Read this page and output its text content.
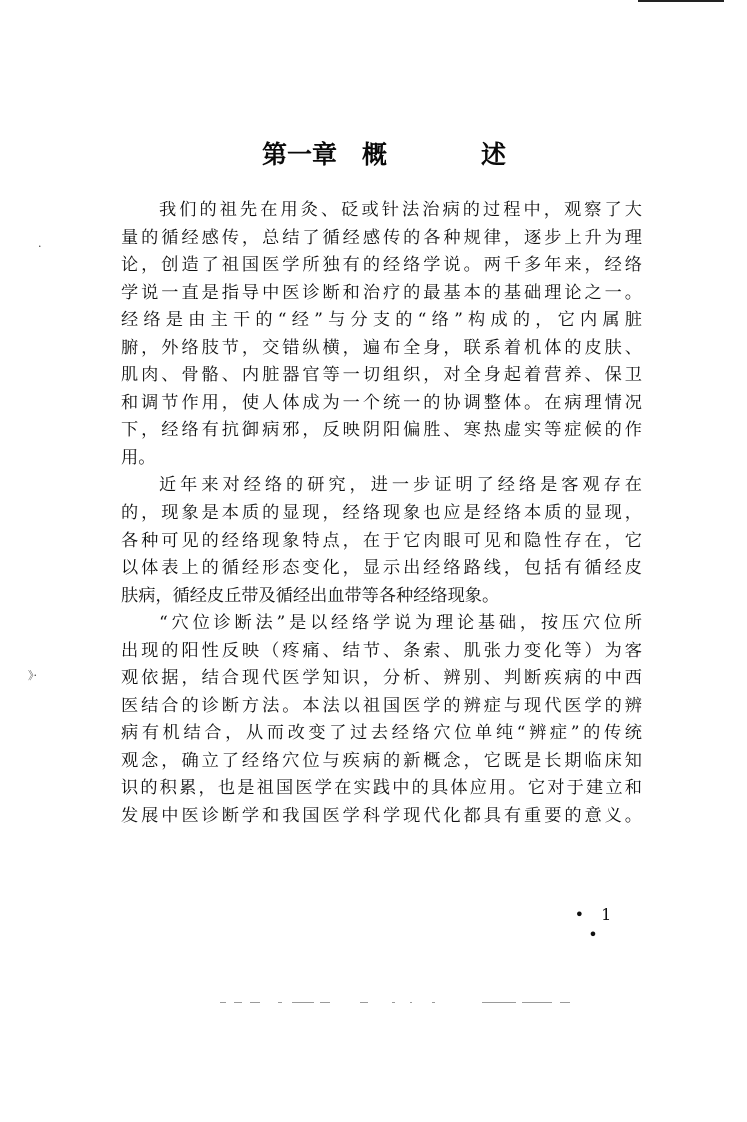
.
》·
第一章 概	述
我们的祖先在用灸、砭或针法治病的过程中，观察了大
量的循经感传，总结了循经感传的各种规律，逐步上升为理
论，创造了祖国医学所独有的经络学说。两千多年来，经络
学说一直是指导中医诊断和治疗的最基本的基础理论之一。
经络是由主干的“经”与分支的“络”构成的，它内属脏
腑，外络肢节，交错纵横，遍布全身，联系着机体的皮肤、
肌肉、骨骼、内脏器官等一切组织，对全身起着营养、保卫
和调节作用，使人体成为一个统一的协调整体。在病理情况
下，经络有抗御病邪，反映阴阳偏胜、寒热虚实等症候的作
用。
近年来对经络的研究，进一步证明了经络是客观存在
的，现象是本质的显现，经络现象也应是经络本质的显现，
各种可见的经络现象特点，在于它肉眼可见和隐性存在，它
以体表上的循经形态变化，显示出经络路线，包括有循经皮
肤病，循经皮丘带及循经出血带等各种经络现象。
“穴位诊断法”是以经络学说为理论基础，按压穴位所
出现的阳性反映（疼痛、结节、条索、肌张力变化等）为客
观依据，结合现代医学知识，分析、辨别、判断疾病的中西
医结合的诊断方法。本法以祖国医学的辨症与现代医学的辨
病有机结合，从而改变了过去经络穴位单纯“辨症”的传统
观念，确立了经络穴位与疾病的新概念，它既是长期临床知
识的积累，也是祖国医学在实践中的具体应用。它对于建立和
发展中医诊断学和我国医学科学现代化都具有重要的意义。
• 1 •
